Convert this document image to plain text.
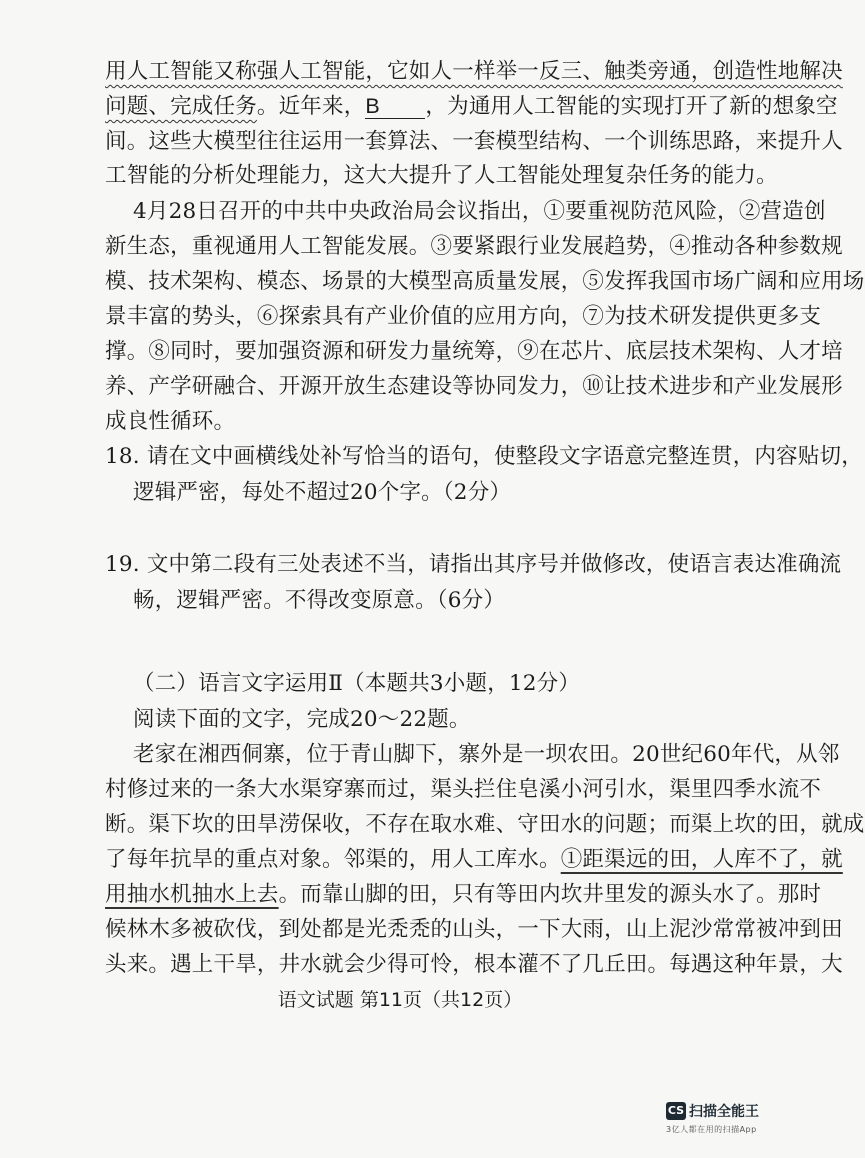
用人工智能又称强人工智能，它如人一样举一反三、触类旁通，创造性地解决
问题、完成任务。近年来，B ，为通用人工智能的实现打开了新的想象空
间。这些大模型往往运用一套算法、一套模型结构、一个训练思路，来提升人
工智能的分析处理能力，这大大提升了人工智能处理复杂任务的能力。
4月28日召开的中共中央政治局会议指出，①要重视防范风险，②营造创
新生态，重视通用人工智能发展。③要紧跟行业发展趋势，④推动各种参数规
模、技术架构、模态、场景的大模型高质量发展，⑤发挥我国市场广阔和应用场
景丰富的势头，⑥探索具有产业价值的应用方向，⑦为技术研发提供更多支
撑。⑧同时，要加强资源和研发力量统筹，⑨在芯片、底层技术架构、人才培
养、产学研融合、开源开放生态建设等协同发力，⑩让技术进步和产业发展形
成良性循环。
18. 请在文中画横线处补写恰当的语句，使整段文字语意完整连贯，内容贴切，
逻辑严密，每处不超过20个字。（2分）
19. 文中第二段有三处表述不当，请指出其序号并做修改，使语言表达准确流
畅，逻辑严密。不得改变原意。（6分）
（二）语言文字运用Ⅱ（本题共3小题，12分）
阅读下面的文字，完成20～22题。
老家在湘西侗寨，位于青山脚下，寨外是一坝农田。20世纪60年代，从邻
村修过来的一条大水渠穿寨而过，渠头拦住皂溪小河引水，渠里四季水流不
断。渠下坎的田旱涝保收，不存在取水难、守田水的问题；而渠上坎的田，就成
了每年抗旱的重点对象。邻渠的，用人工库水。①距渠远的田，人库不了，就
用抽水机抽水上去。而靠山脚的田，只有等田内坎井里发的源头水了。那时
候林木多被砍伐，到处都是光秃秃的山头，一下大雨，山上泥沙常常被冲到田
头来。遇上干旱，井水就会少得可怜，根本灌不了几丘田。每遇这种年景，大
语文试题 第11页（共12页）
CS 扫描全能王
3亿人都在用的扫描App
